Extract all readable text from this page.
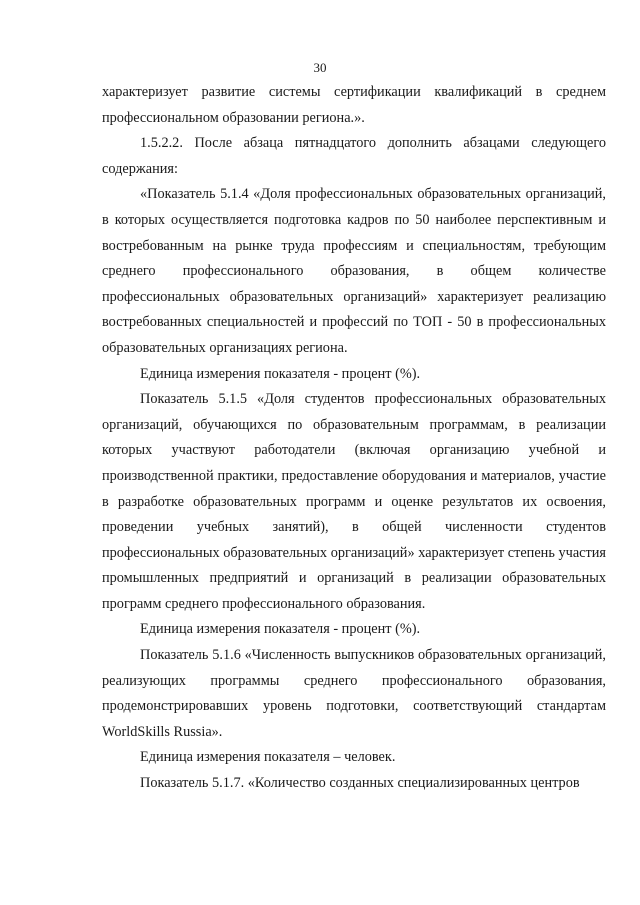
30

характеризует развитие системы сертификации квалификаций в среднем профессиональном образовании региона.».

1.5.2.2. После абзаца пятнадцатого дополнить абзацами следующего содержания:

«Показатель 5.1.4 «Доля профессиональных образовательных организаций, в которых осуществляется подготовка кадров по 50 наиболее перспективным и востребованным на рынке труда профессиям и специальностям, требующим среднего профессионального образования, в общем количестве профессиональных образовательных организаций» характеризует реализацию востребованных специальностей и профессий по ТОП - 50 в профессиональных образовательных организациях региона.

Единица измерения показателя - процент (%).

Показатель 5.1.5 «Доля студентов профессиональных образовательных организаций, обучающихся по образовательным программам, в реализации которых участвуют работодатели (включая организацию учебной и производственной практики, предоставление оборудования и материалов, участие в разработке образовательных программ и оценке результатов их освоения, проведении учебных занятий), в общей численности студентов профессиональных образовательных организаций» характеризует степень участия промышленных предприятий и организаций в реализации образовательных программ среднего профессионального образования.

Единица измерения показателя - процент (%).

Показатель 5.1.6 «Численность выпускников образовательных организаций, реализующих программы среднего профессионального образования, продемонстрировавших уровень подготовки, соответствующий стандартам WorldSkills Russia».

Единица измерения показателя – человек.

Показатель 5.1.7. «Количество созданных специализированных центров
